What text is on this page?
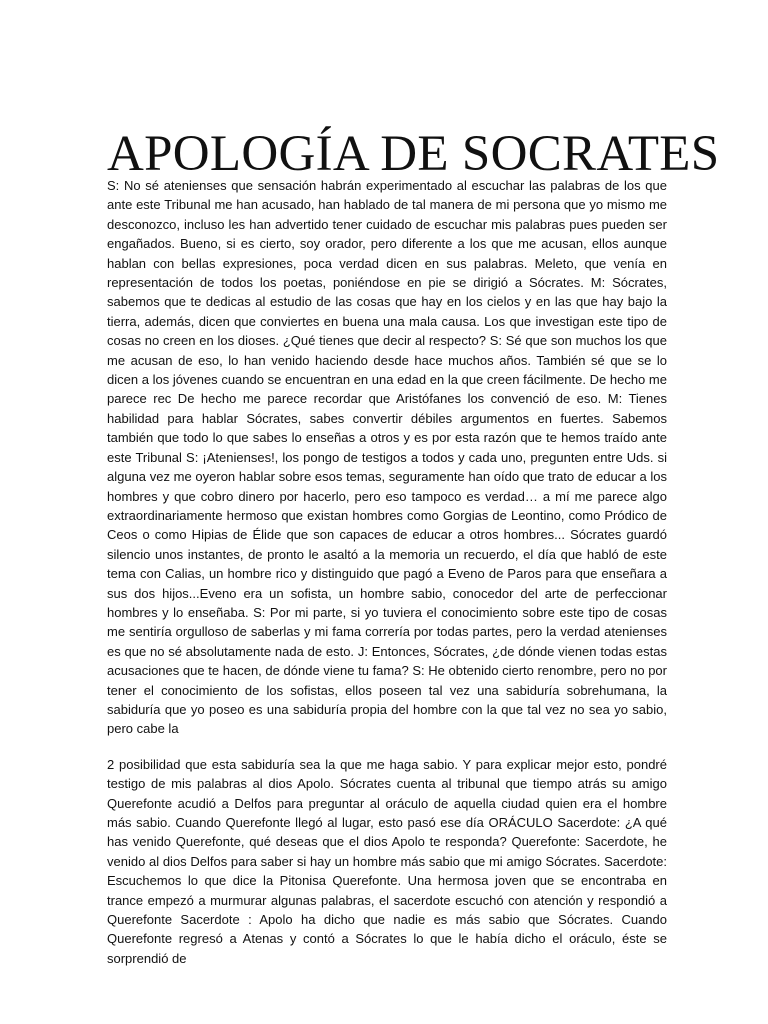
APOLOGÍA DE SOCRATES

S: No sé atenienses que sensación habrán experimentado al escuchar las palabras de los que ante este Tribunal me han acusado, han hablado de tal manera de mi persona que yo mismo me desconozco, incluso les han advertido tener cuidado de escuchar mis palabras pues pueden ser engañados. Bueno, si es cierto, soy orador, pero diferente a los que me acusan, ellos aunque hablan con bellas expresiones, poca verdad dicen en sus palabras. Meleto, que venía en representación de todos los poetas, poniéndose en pie se dirigió a Sócrates. M: Sócrates, sabemos que te dedicas al estudio de las cosas que hay en los cielos y en las que hay bajo la tierra, además, dicen que conviertes en buena una mala causa. Los que investigan este tipo de cosas no creen en los dioses. ¿Qué tienes que decir al respecto? S: Sé que son muchos los que me acusan de eso, lo han venido haciendo desde hace muchos años. También sé que se lo dicen a los jóvenes cuando se encuentran en una edad en la que creen fácilmente. De hecho me parece rec De hecho me parece recordar que Aristófanes los convenció de eso. M: Tienes habilidad para hablar Sócrates, sabes convertir débiles argumentos en fuertes. Sabemos también que todo lo que sabes lo enseñas a otros y es por esta razón que te hemos traído ante este Tribunal S: ¡Atenienses!, los pongo de testigos a todos y cada uno, pregunten entre Uds. si alguna vez me oyeron hablar sobre esos temas, seguramente han oído que trato de educar a los hombres y que cobro dinero por hacerlo, pero eso tampoco es verdad… a mí me parece algo extraordinariamente hermoso que existan hombres como Gorgias de Leontino, como Pródico de Ceos o como Hipias de Élide que son capaces de educar a otros hombres... Sócrates guardó silencio unos instantes, de pronto le asaltó a la memoria un recuerdo, el día que habló de este tema con Calias, un hombre rico y distinguido que pagó a Eveno de Paros para que enseñara a sus dos hijos...Eveno era un sofista, un hombre sabio, conocedor del arte de perfeccionar hombres y lo enseñaba. S: Por mi parte, si yo tuviera el conocimiento sobre este tipo de cosas me sentiría orgulloso de saberlas y mi fama correría por todas partes, pero la verdad atenienses es que no sé absolutamente nada de esto. J: Entonces, Sócrates, ¿de dónde vienen todas estas acusaciones que te hacen, de dónde viene tu fama? S: He obtenido cierto renombre, pero no por tener el conocimiento de los sofistas, ellos poseen tal vez una sabiduría sobrehumana, la sabiduría que yo poseo es una sabiduría propia del hombre con la que tal vez no sea yo sabio, pero cabe la

2 posibilidad que esta sabiduría sea la que me haga sabio. Y para explicar mejor esto, pondré testigo de mis palabras al dios Apolo. Sócrates cuenta al tribunal que tiempo atrás su amigo Querefonte acudió a Delfos para preguntar al oráculo de aquella ciudad quien era el hombre más sabio. Cuando Querefonte llegó al lugar, esto pasó ese día ORÁCULO Sacerdote: ¿A qué has venido Querefonte, qué deseas que el dios Apolo te responda? Querefonte: Sacerdote, he venido al dios Delfos para saber si hay un hombre más sabio que mi amigo Sócrates. Sacerdote: Escuchemos lo que dice la Pitonisa Querefonte. Una hermosa joven que se encontraba en trance empezó a murmurar algunas palabras, el sacerdote escuchó con atención y respondió a Querefonte Sacerdote : Apolo ha dicho que nadie es más sabio que Sócrates. Cuando Querefonte regresó a Atenas y contó a Sócrates lo que le había dicho el oráculo, éste se sorprendió de
